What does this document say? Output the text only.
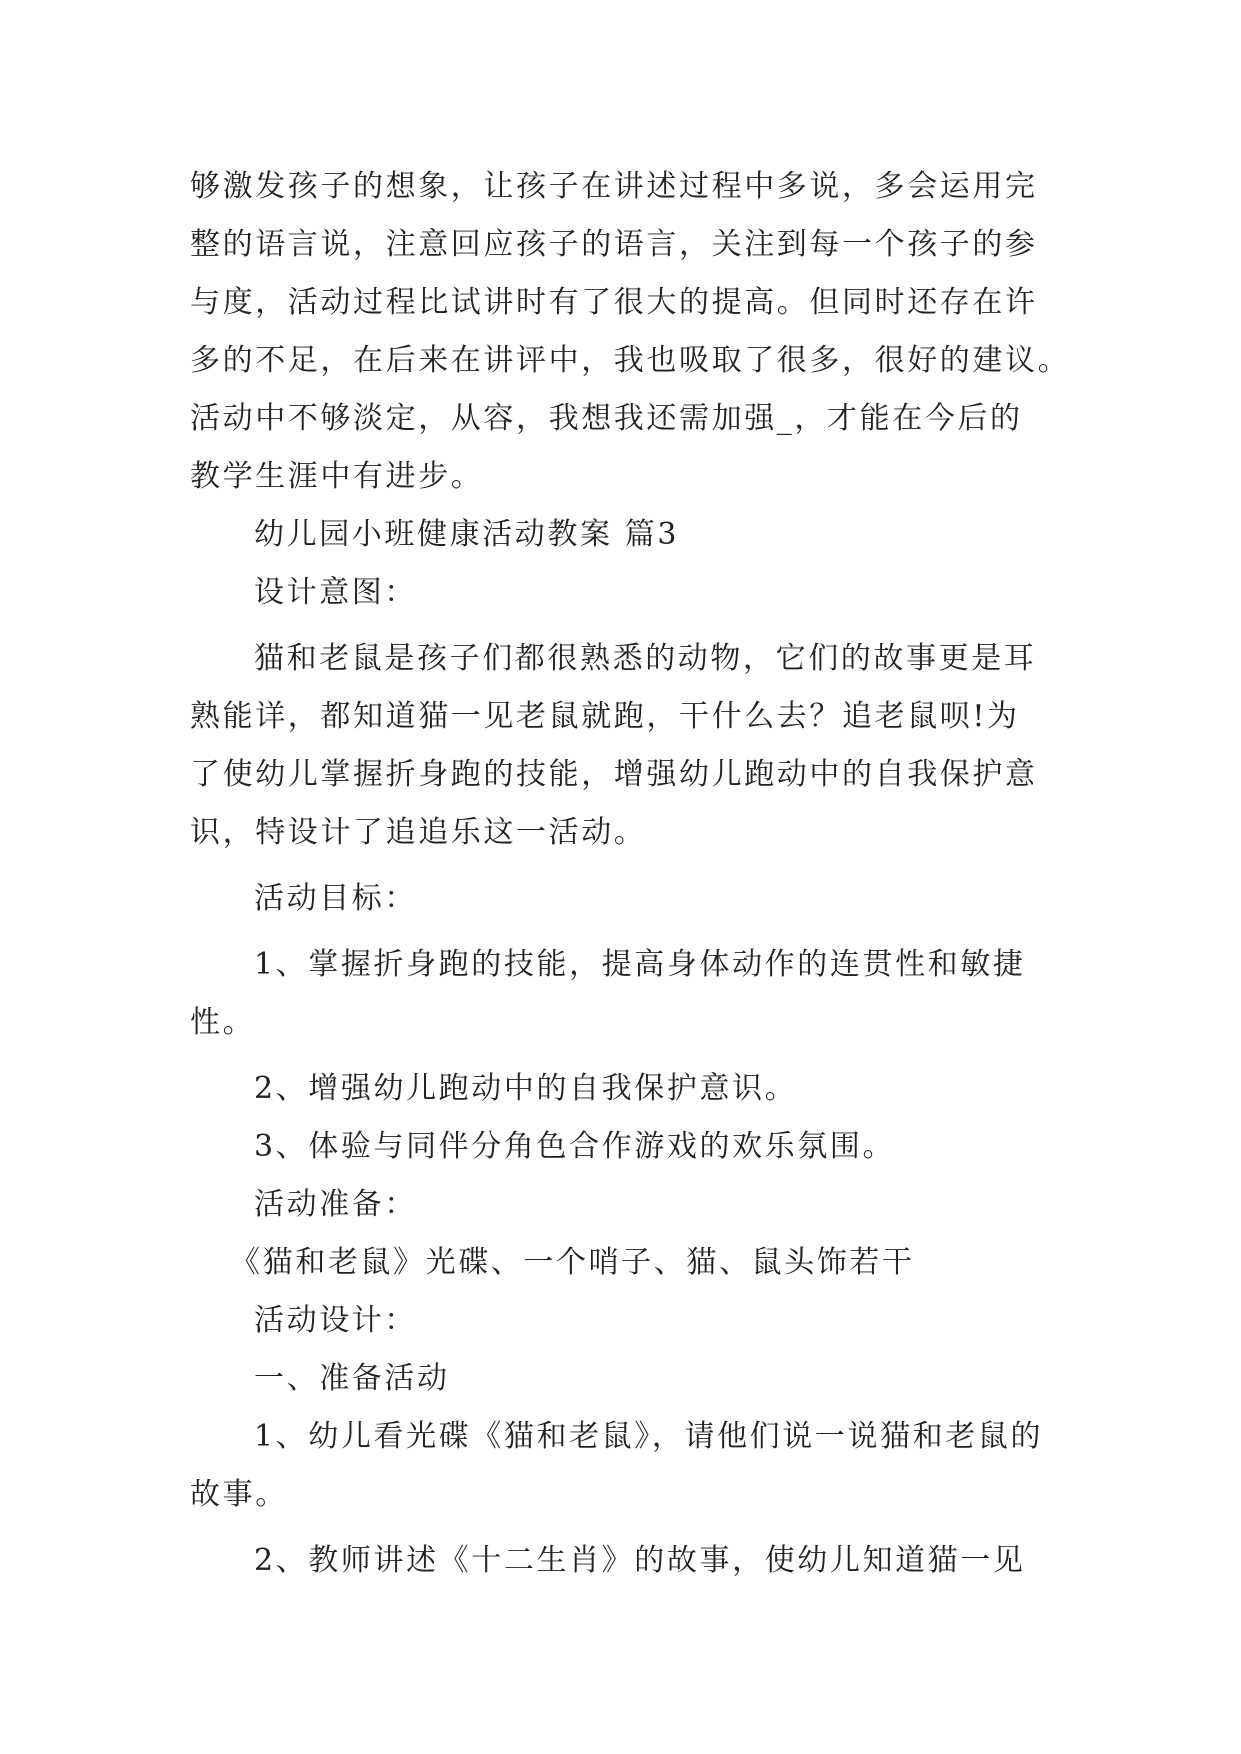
够激发孩子的想象，让孩子在讲述过程中多说，多会运用完
整的语言说，注意回应孩子的语言，关注到每一个孩子的参
与度，活动过程比试讲时有了很大的提高。但同时还存在许
多的不足，在后来在讲评中，我也吸取了很多，很好的建议。
活动中不够淡定，从容，我想我还需加强_，才能在今后的
教学生涯中有进步。
幼儿园小班健康活动教案 篇3
设计意图：
猫和老鼠是孩子们都很熟悉的动物，它们的故事更是耳
熟能详，都知道猫一见老鼠就跑，干什么去？追老鼠呗!为
了使幼儿掌握折身跑的技能，增强幼儿跑动中的自我保护意
识，特设计了追追乐这一活动。
活动目标：
1、掌握折身跑的技能，提高身体动作的连贯性和敏捷
性。
2、增强幼儿跑动中的自我保护意识。
3、体验与同伴分角色合作游戏的欢乐氛围。
活动准备：
《猫和老鼠》光碟、一个哨子、猫、鼠头饰若干
活动设计：
一、准备活动
1、幼儿看光碟《猫和老鼠》，请他们说一说猫和老鼠的
故事。
2、教师讲述《十二生肖》的故事，使幼儿知道猫一见
